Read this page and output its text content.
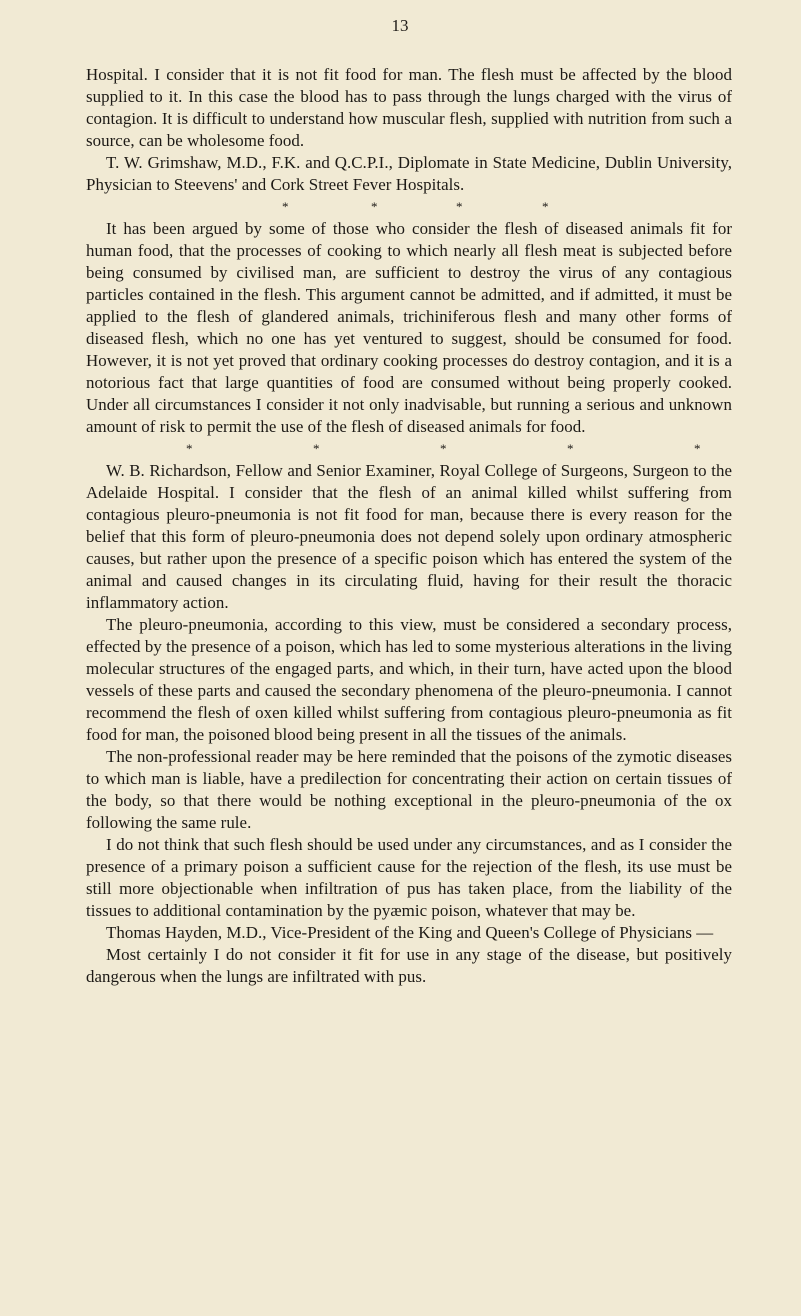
13

Hospital. I consider that it is not fit food for man. The flesh must be affected by the blood supplied to it. In this case the blood has to pass through the lungs charged with the virus of contagion. It is difficult to understand how muscular flesh, supplied with nutrition from such a source, can be wholesome food.

T. W. Grimshaw, M.D., F.K. and Q.C.P.I., Diplomate in State Medicine, Dublin University, Physician to Steevens' and Cork Street Fever Hospitals.

*	*	*	*

It has been argued by some of those who consider the flesh of diseased animals fit for human food, that the processes of cooking to which nearly all flesh meat is subjected before being consumed by civilised man, are sufficient to destroy the virus of any contagious particles contained in the flesh. This argument cannot be admitted, and if admitted, it must be applied to the flesh of glandered animals, trichiniferous flesh and many other forms of diseased flesh, which no one has yet ventured to suggest, should be consumed for food. However, it is not yet proved that ordinary cooking processes do destroy contagion, and it is a notorious fact that large quantities of food are consumed without being properly cooked. Under all circumstances I consider it not only inadvisable, but running a serious and unknown amount of risk to permit the use of the flesh of diseased animals for food.

*	*	*	*	*

W. B. Richardson, Fellow and Senior Examiner, Royal College of Surgeons, Surgeon to the Adelaide Hospital. I consider that the flesh of an animal killed whilst suffering from contagious pleuro-pneumonia is not fit food for man, because there is every reason for the belief that this form of pleuro-pneumonia does not depend solely upon ordinary atmospheric causes, but rather upon the presence of a specific poison which has entered the system of the animal and caused changes in its circulating fluid, having for their result the thoracic inflammatory action.

The pleuro-pneumonia, according to this view, must be considered a secondary process, effected by the presence of a poison, which has led to some mysterious alterations in the living molecular structures of the engaged parts, and which, in their turn, have acted upon the blood vessels of these parts and caused the secondary phenomena of the pleuro-pneumonia. I cannot recommend the flesh of oxen killed whilst suffering from contagious pleuro-pneumonia as fit food for man, the poisoned blood being present in all the tissues of the animals.

The non-professional reader may be here reminded that the poisons of the zymotic diseases to which man is liable, have a predilection for concentrating their action on certain tissues of the body, so that there would be nothing exceptional in the pleuro-pneumonia of the ox following the same rule.

I do not think that such flesh should be used under any circumstances, and as I consider the presence of a primary poison a sufficient cause for the rejection of the flesh, its use must be still more objectionable when infiltration of pus has taken place, from the liability of the tissues to additional contamination by the pyæmic poison, whatever that may be.

Thomas Hayden, M.D., Vice-President of the King and Queen's College of Physicians —

Most certainly I do not consider it fit for use in any stage of the disease, but positively dangerous when the lungs are infiltrated with pus.
